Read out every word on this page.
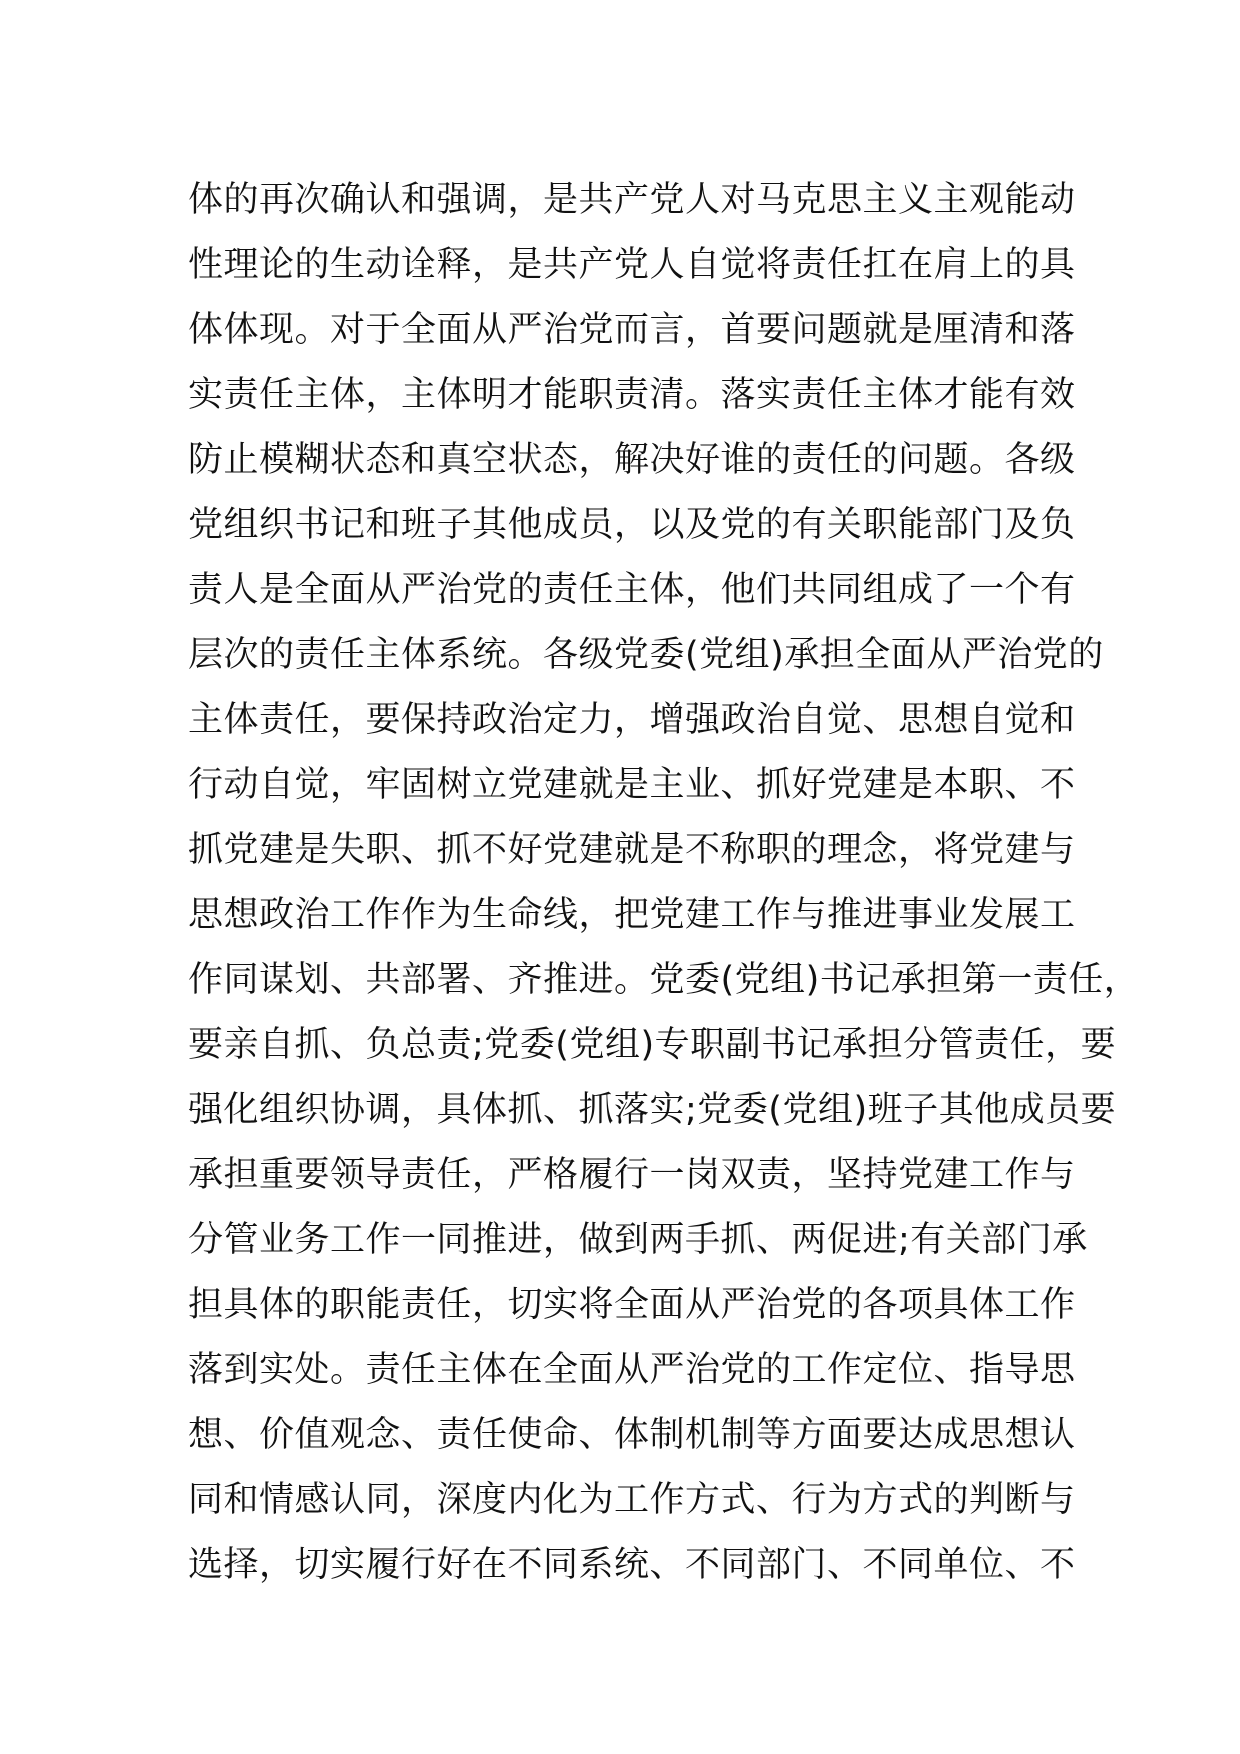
体的再次确认和强调，是共产党人对马克思主义主观能动
性理论的生动诠释，是共产党人自觉将责任扛在肩上的具
体体现。对于全面从严治党而言，首要问题就是厘清和落
实责任主体，主体明才能职责清。落实责任主体才能有效
防止模糊状态和真空状态，解决好谁的责任的问题。各级
党组织书记和班子其他成员，以及党的有关职能部门及负
责人是全面从严治党的责任主体，他们共同组成了一个有
层次的责任主体系统。各级党委(党组)承担全面从严治党的
主体责任，要保持政治定力，增强政治自觉、思想自觉和
行动自觉，牢固树立党建就是主业、抓好党建是本职、不
抓党建是失职、抓不好党建就是不称职的理念，将党建与
思想政治工作作为生命线，把党建工作与推进事业发展工
作同谋划、共部署、齐推进。党委(党组)书记承担第一责任，
要亲自抓、负总责;党委(党组)专职副书记承担分管责任，要
强化组织协调，具体抓、抓落实;党委(党组)班子其他成员要
承担重要领导责任，严格履行一岗双责，坚持党建工作与
分管业务工作一同推进，做到两手抓、两促进;有关部门承
担具体的职能责任，切实将全面从严治党的各项具体工作
落到实处。责任主体在全面从严治党的工作定位、指导思
想、价值观念、责任使命、体制机制等方面要达成思想认
同和情感认同，深度内化为工作方式、行为方式的判断与
选择，切实履行好在不同系统、不同部门、不同单位、不
